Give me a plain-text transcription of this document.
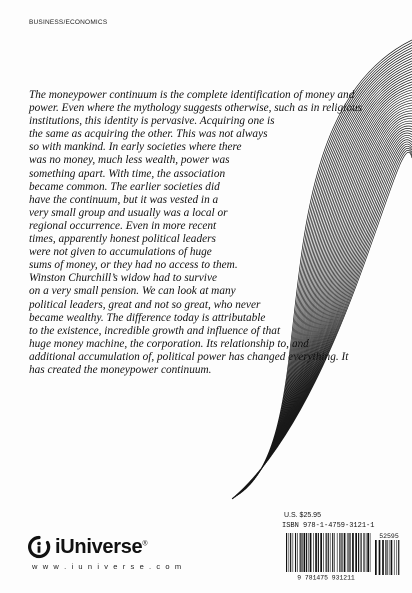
BUSINESS/ECONOMICS
The moneypower continuum is the complete identification of money and
power. Even where the mythology suggests otherwise, such as in religious
institutions, this identity is pervasive. Acquiring one is
the same as acquiring the other. This was not always
so with mankind. In early societies where there
was no money, much less wealth, power was
something apart. With time, the association
became common. The earlier societies did
have the continuum, but it was vested in a
very small group and usually was a local or
regional occurrence. Even in more recent
times, apparently honest political leaders
were not given to accumulations of huge
sums of money, or they had no access to them.
Winston Churchill’s widow had to survive
on a very small pension. We can look at many
political leaders, great and not so great, who never
became wealthy. The difference today is attributable
to the existence, incredible growth and influence of that
huge money machine, the corporation. Its relationship to, and
additional accumulation of, political power has changed everything. It
has created the moneypower continuum.
iUniverse®
w w w . i u n i v e r s e . c o m
U.S. $25.95
ISBN 978-1-4759-3121-1
52595
9 781475 931211
